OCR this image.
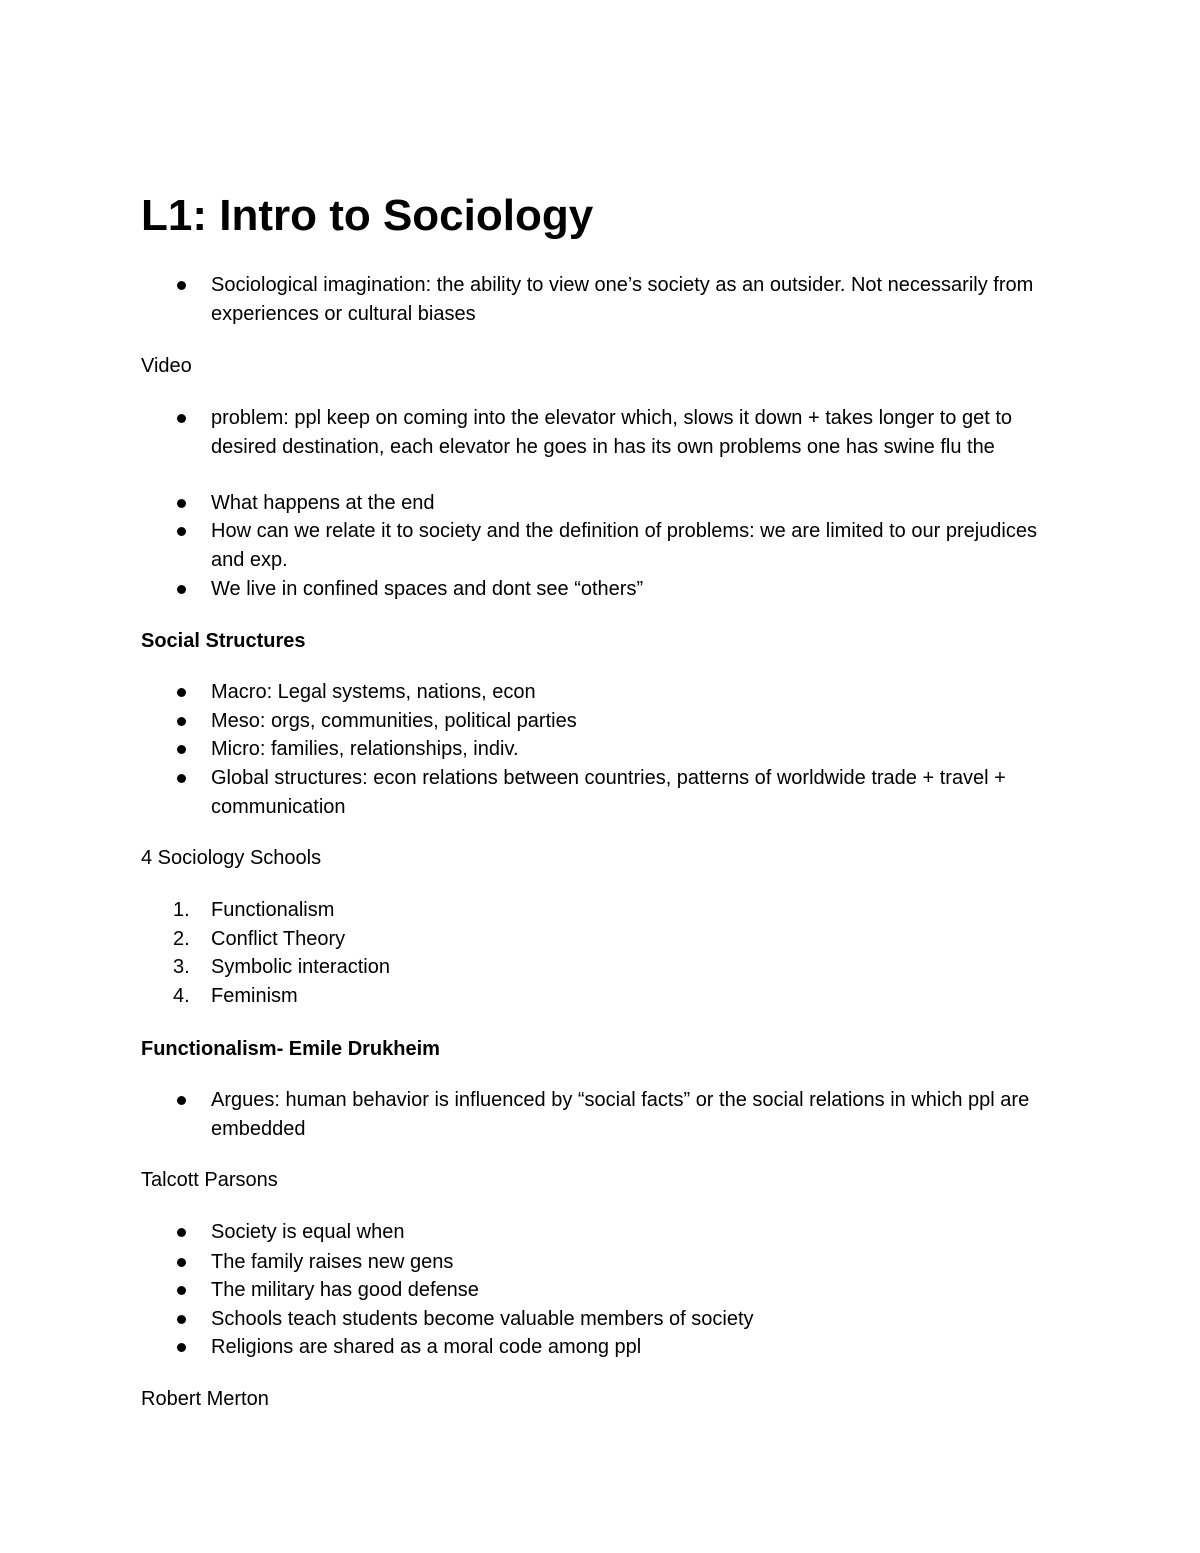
L1: Intro to Sociology

Sociological imagination: the ability to view one’s society as an outsider. Not necessarily from experiences or cultural biases

Video

problem: ppl keep on coming into the elevator which, slows it down + takes longer to get to desired destination, each elevator he goes in has its own problems one has swine flu the

What happens at the end

How can we relate it to society and the definition of problems: we are limited to our prejudices and exp.

We live in confined spaces and dont see “others”

Social Structures

Macro: Legal systems, nations, econ

Meso: orgs, communities, political parties

Micro: families, relationships, indiv.

Global structures: econ relations between countries, patterns of worldwide trade + travel + communication

4 Sociology Schools

1.	Functionalism

2.	Conflict Theory

3.	Symbolic interaction

4.	Feminism

Functionalism- Emile Drukheim

Argues: human behavior is influenced by “social facts” or the social relations in which ppl are embedded

Talcott Parsons

Society is equal when

The family raises new gens

The military has good defense

Schools teach students become valuable members of society

Religions are shared as a moral code among ppl

Robert Merton
